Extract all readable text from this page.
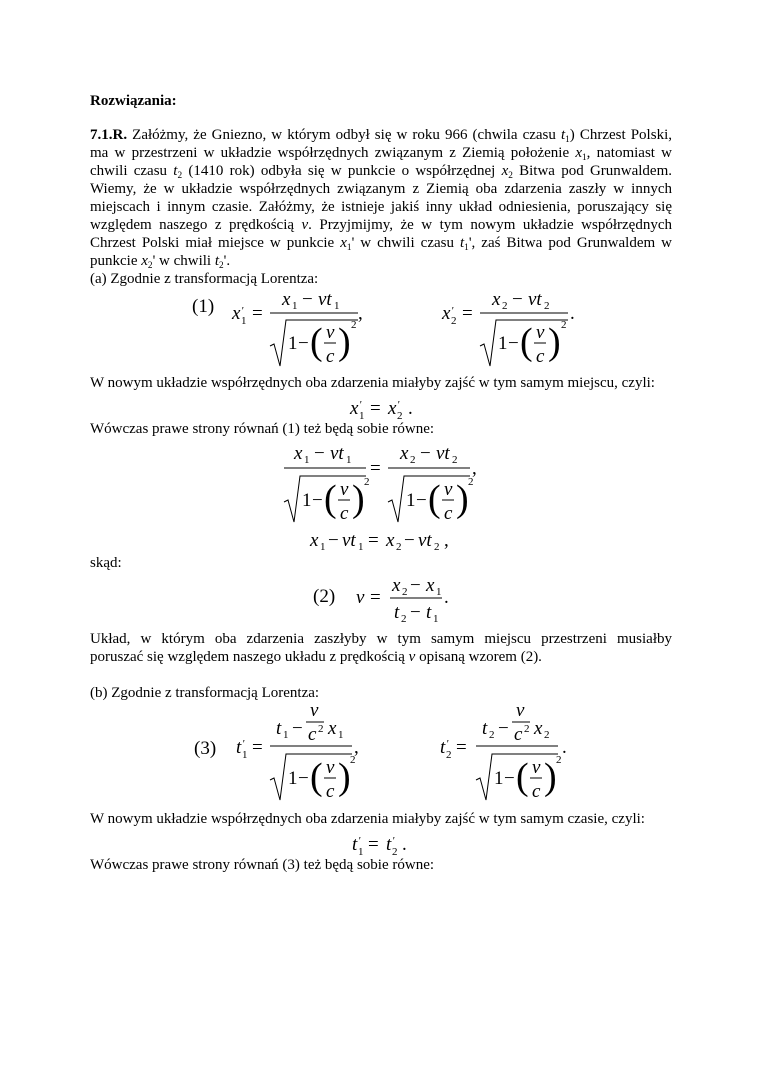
Rozwiązania:
7.1.R. Załóżmy, że Gniezno, w którym odbył się w roku 966 (chwila czasu $t_1$) Chrzest Polski,
ma w przestrzeni w układzie współrzędnych związanym z Ziemią położenie $x_1$, natomiast w
chwili czasu $t_2$ (1410 rok) odbyła się w punkcie o współrzędnej $x_2$ Bitwa pod Grunwaldem.
Wiemy, że w układzie współrzędnych związanym z Ziemią oba zdarzenia zaszły w innych
miejscach i innym czasie. Załóżmy, że istnieje jakiś inny układ odniesienia, poruszający się
względem naszego z prędkością v. Przyjmijmy, że w tym nowym układzie współrzędnych
Chrzest Polski miał miejsce w punkcie $x_1'$ w chwili czasu $t_1'$, zaś Bitwa pod Grunwaldem w
punkcie $x_2'$ w chwili $t_2'$.
(a) Zgodnie z transformacją Lorentza:
(1) x '
1 =
x 1 − vt 1
1 − ( v
c ) 2
,	x '
2 =
x 2 − vt 2
1 − ( v
c ) 2
.
W nowym układzie współrzędnych oba zdarzenia miałyby zajść w tym samym miejscu, czyli:
x '
1 = x '
2 .
Wówczas prawe strony równań (1) też będą sobie równe:
x 1 − vt 1
1 − ( v
c ) 2
=
x 2 − vt 2
1 − ( v
c ) 2
,
x 1 − vt 1 = x 2 − vt 2 ,
skąd:
(2) v =
x 2 − x 1
t 2 − t 1
.
Układ, w którym oba zdarzenia zaszłyby w tym samym miejscu przestrzeni musiałby
poruszać się względem naszego układu z prędkością v opisaną wzorem (2).
(b) Zgodnie z transformacją Lorentza:
(3) t '
1 =
t 1 −
v
c 2 x 1
1 − ( v
c ) 2
,	t '
2 =
t 2 −
v
c 2 x 2
1 − ( v
c ) 2
.
W nowym układzie współrzędnych oba zdarzenia miałyby zajść w tym samym czasie, czyli:
t '
1 = t '
2 .
Wówczas prawe strony równań (3) też będą sobie równe:
